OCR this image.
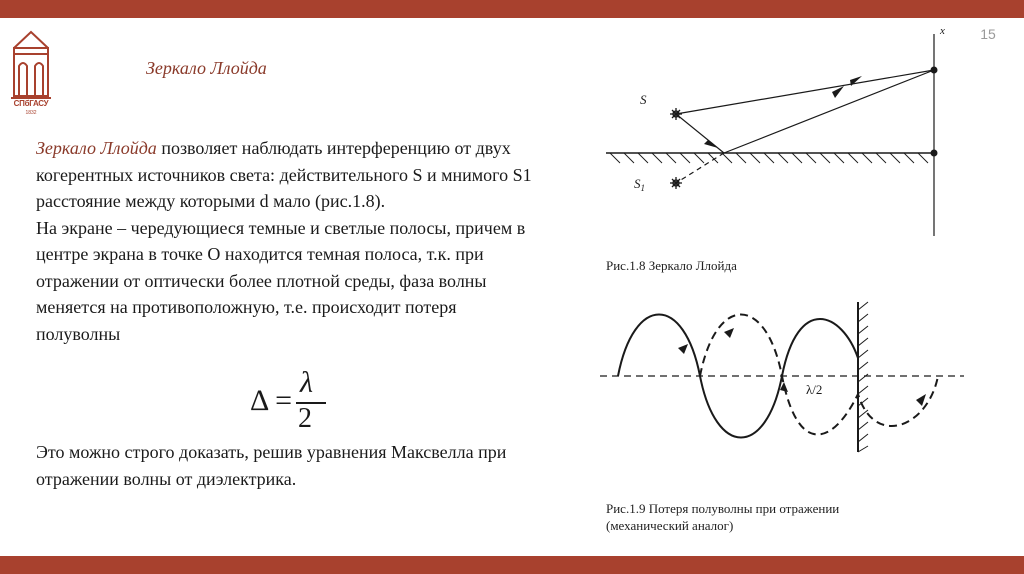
15
СПбГАСУ
1832
Зеркало Ллойда
Зеркало Ллойда позволяет наблюдать интерференцию от двух когерентных источников света: действительного S и мнимого S1 расстояние между которыми d мало (рис.1.8).
На экране – чередующиеся темные и светлые полосы, причем в центре экрана в точке О находится темная полоса, т.к. при отражении от оптически более плотной среды, фаза волны меняется на противоположную, т.е. происходит потеря полуволны
Δ =
λ
2
Это можно строго доказать, решив уравнения Максвелла при отражении волны от диэлектрика.
x
S
$S_1$
Рис.1.8 Зеркало Ллойда
λ/2
Рис.1.9 Потеря полуволны при отражении (механический аналог)
